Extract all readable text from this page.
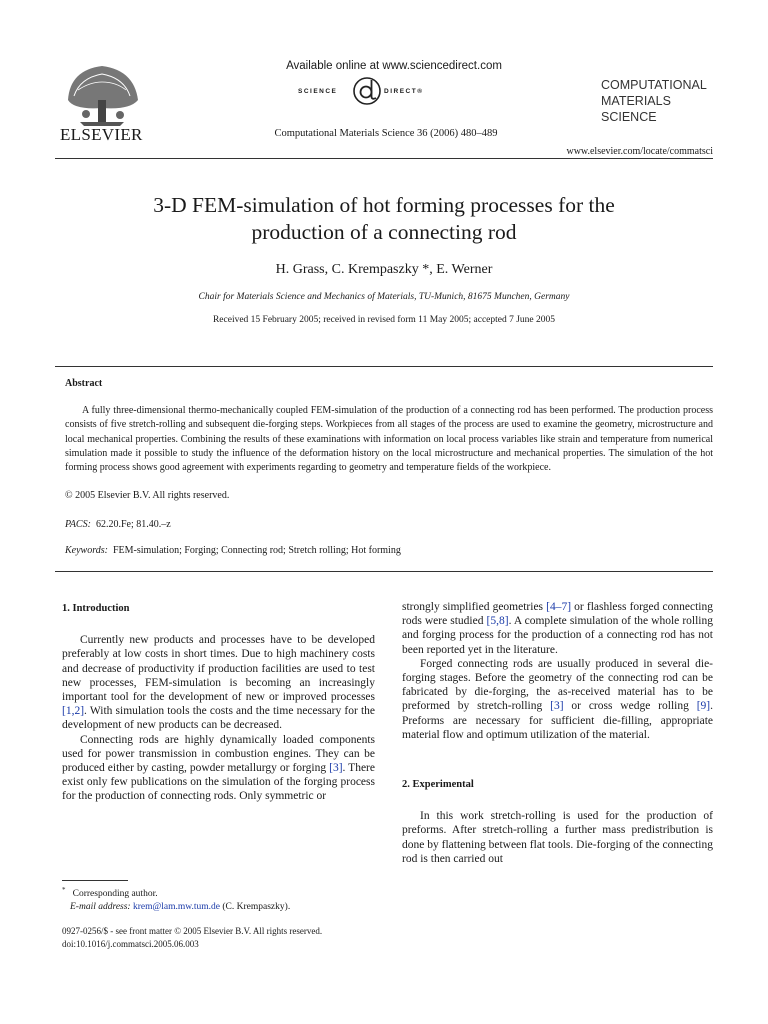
ELSEVIER
Available online at www.sciencedirect.com
SCIENCE	DIRECT®
Computational Materials Science 36 (2006) 480–489
COMPUTATIONAL
MATERIALS
SCIENCE
www.elsevier.com/locate/commatsci
3-D FEM-simulation of hot forming processes for the
production of a connecting rod
H. Grass, C. Krempaszky *, E. Werner
Chair for Materials Science and Mechanics of Materials, TU-Munich, 81675 Munchen, Germany
Received 15 February 2005; received in revised form 11 May 2005; accepted 7 June 2005
Abstract
A fully three-dimensional thermo-mechanically coupled FEM-simulation of the production of a connecting rod has been performed. The production process consists of five stretch-rolling and subsequent die-forging steps. Workpieces from all stages of the process are used to examine the geometry, microstructure and local mechanical properties. Combining the results of these examinations with information on local process variables like strain and temperature from numerical simulation made it possible to study the influence of the deformation history on the local microstructure and mechanical properties. The simulation of the hot forming process shows good agreement with experiments regarding to geometry and temperature fields of the workpiece.
© 2005 Elsevier B.V. All rights reserved.
PACS: 62.20.Fe; 81.40.–z
Keywords: FEM-simulation; Forging; Connecting rod; Stretch rolling; Hot forming
1. Introduction

Currently new products and processes have to be developed preferably at low costs in short times. Due to high machinery costs and decrease of productivity if production facilities are used to test new processes, FEM-simulation is becoming an increasingly important tool for the development of new or improved processes [1,2]. With simulation tools the costs and the time necessary for the development of new products can be decreased.

Connecting rods are highly dynamically loaded components used for power transmission in combustion engines. They can be produced either by casting, powder metallurgy or forging [3]. There exist only few publications on the simulation of the forging process for the production of connecting rods. Only symmetric or

strongly simplified geometries [4–7] or flashless forged connecting rods were studied [5,8]. A complete simulation of the whole rolling and forging process for the production of a connecting rod has not been reported yet in the literature.

Forged connecting rods are usually produced in several die-forging stages. Before the geometry of the connecting rod can be fabricated by die-forging, the as-received material has to be preformed by stretch-rolling [3] or cross wedge rolling [9]. Preforms are necessary for sufficient die-filling, appropriate material flow and optimum utilization of the material.

2. Experimental

In this work stretch-rolling is used for the production of preforms. After stretch-rolling a further mass predistribution is done by flattening between flat tools. Die-forging of the connecting rod is then carried out

* Corresponding author.
E-mail address: krem@lam.mw.tum.de (C. Krempaszky).
0927-0256/$ - see front matter © 2005 Elsevier B.V. All rights reserved.
doi:10.1016/j.commatsci.2005.06.003
